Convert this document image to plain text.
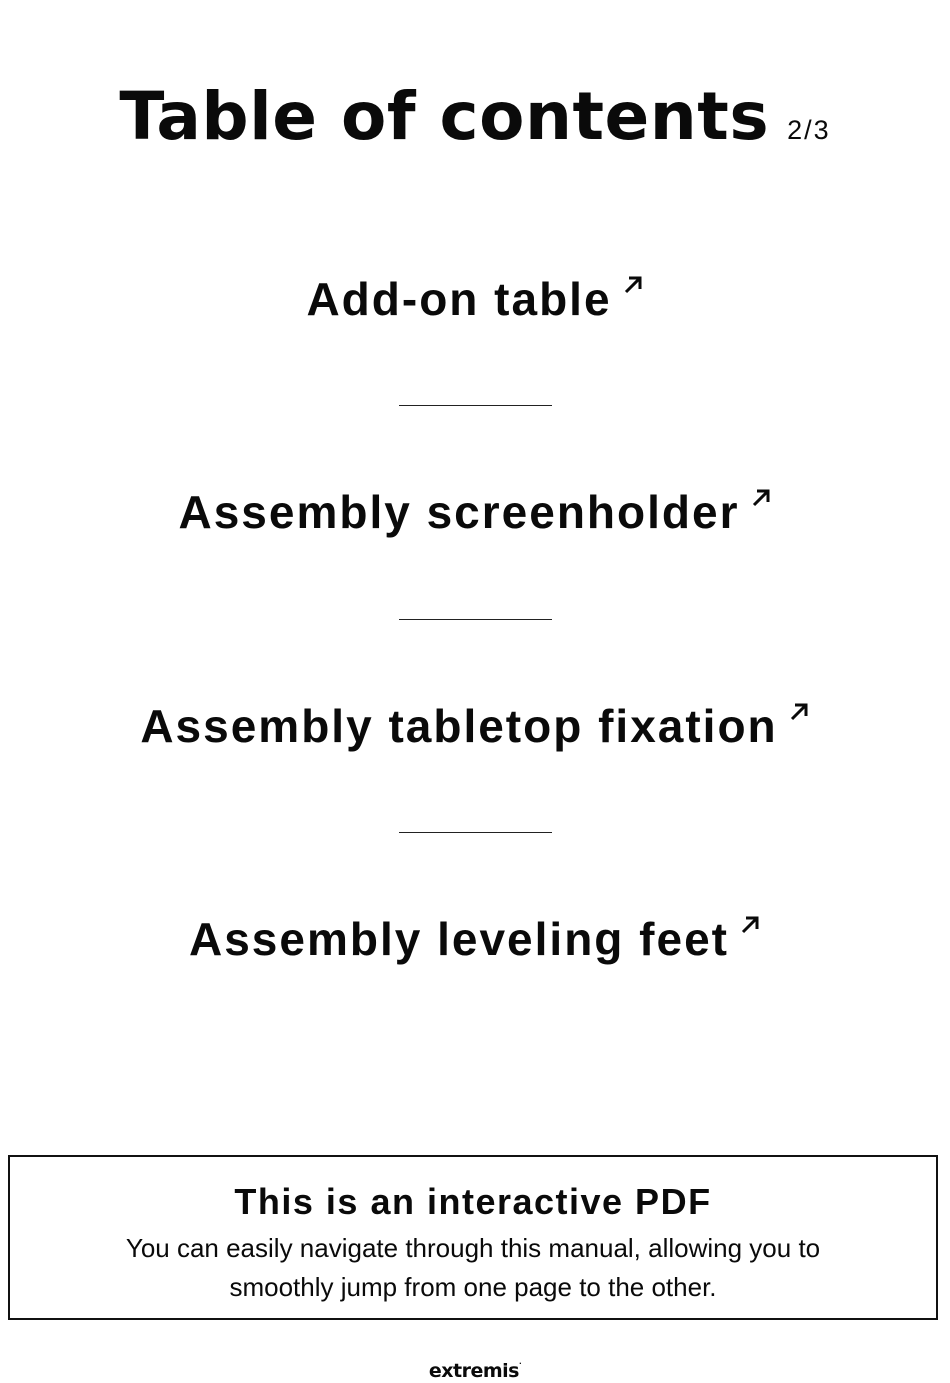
Table of contents 2/3
Add-on table
Assembly screenholder
Assembly tabletop fixation
Assembly leveling feet
This is an interactive PDF
You can easily navigate through this manual, allowing you to smoothly jump from one page to the other.
extremis·
